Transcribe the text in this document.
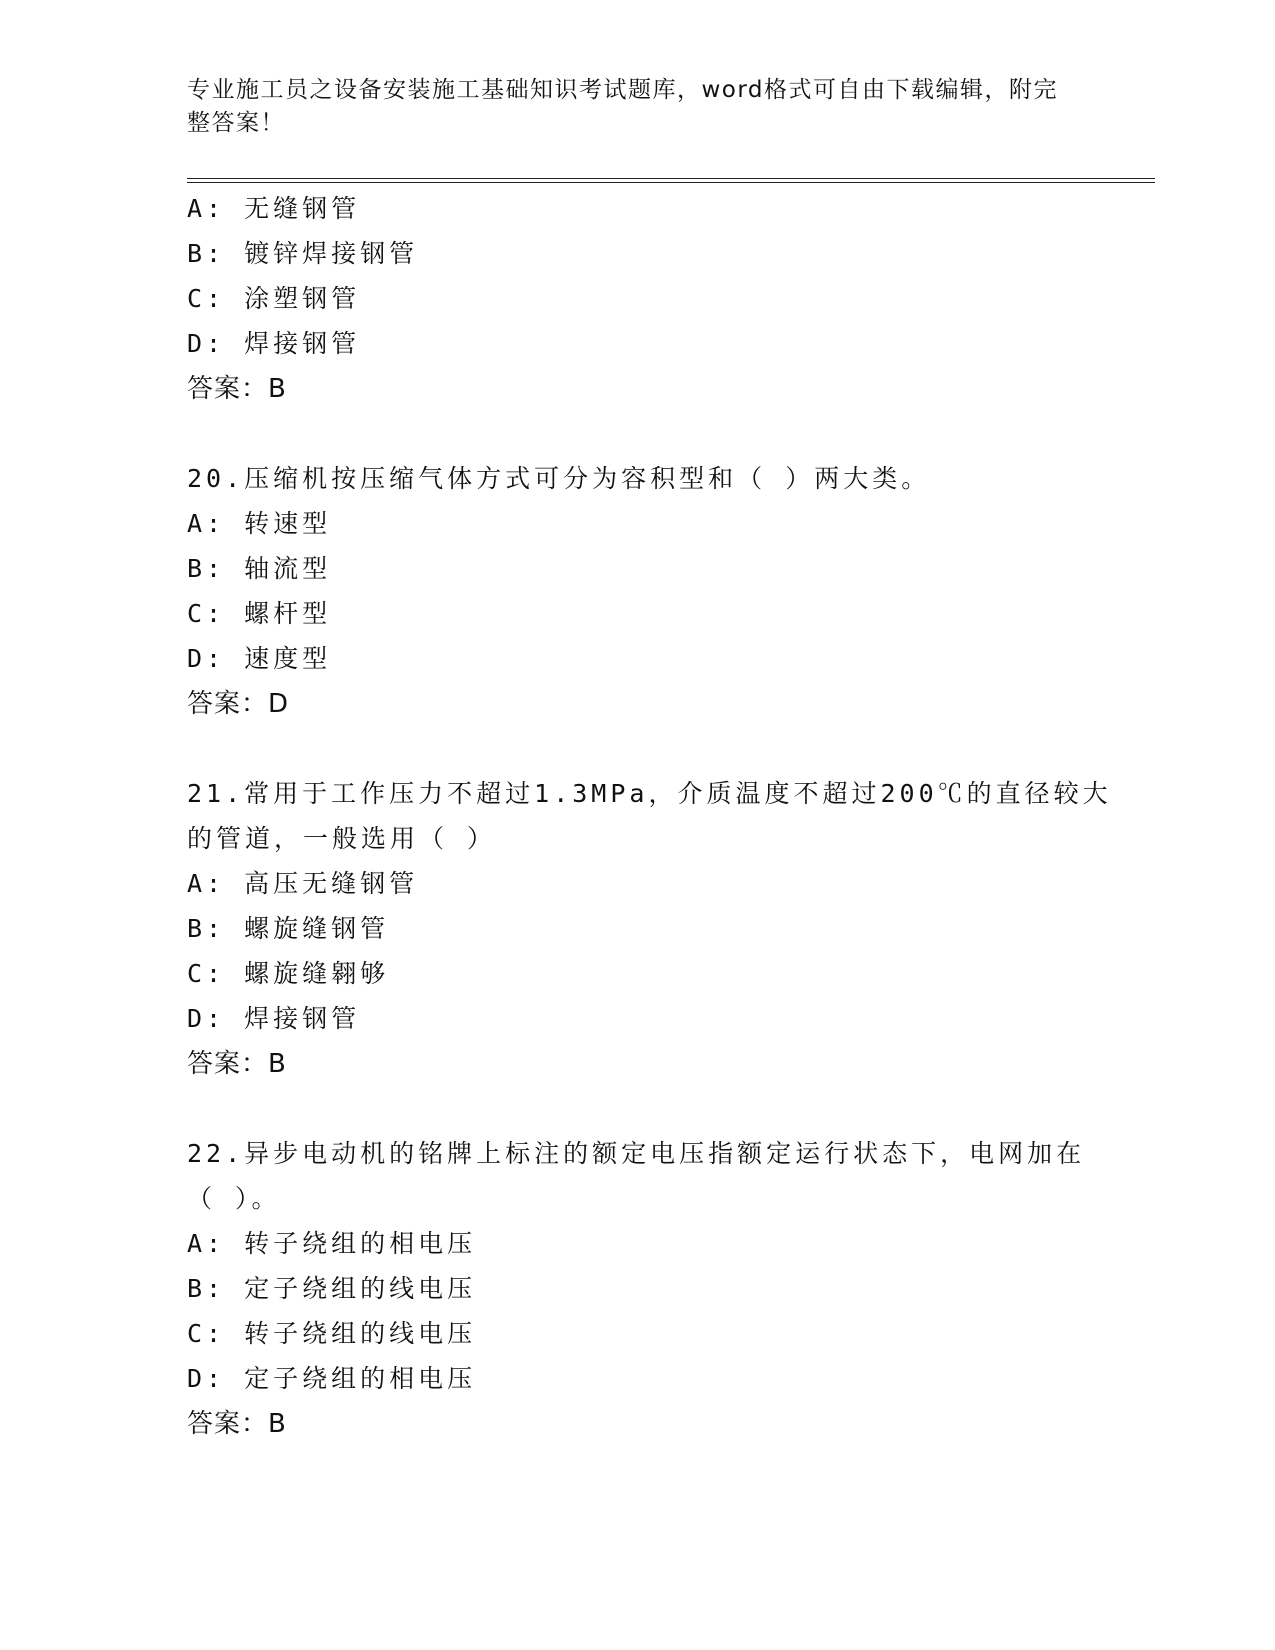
专业施工员之设备安装施工基础知识考试题库，word格式可自由下载编辑，附完整答案！
A: 无缝钢管
B: 镀锌焊接钢管
C: 涂塑钢管
D: 焊接钢管
答案：B
20.压缩机按压缩气体方式可分为容积型和（ ）两大类。
A: 转速型
B: 轴流型
C: 螺杆型
D: 速度型
答案：D
21.常用于工作压力不超过1.3MPa，介质温度不超过200℃的直径较大
的管道，一般选用（ ）
A: 高压无缝钢管
B: 螺旋缝钢管
C: 螺旋缝翱够
D: 焊接钢管
答案：B
22.异步电动机的铭牌上标注的额定电压指额定运行状态下，电网加在
（ ）。
A: 转子绕组的相电压
B: 定子绕组的线电压
C: 转子绕组的线电压
D: 定子绕组的相电压
答案：B
